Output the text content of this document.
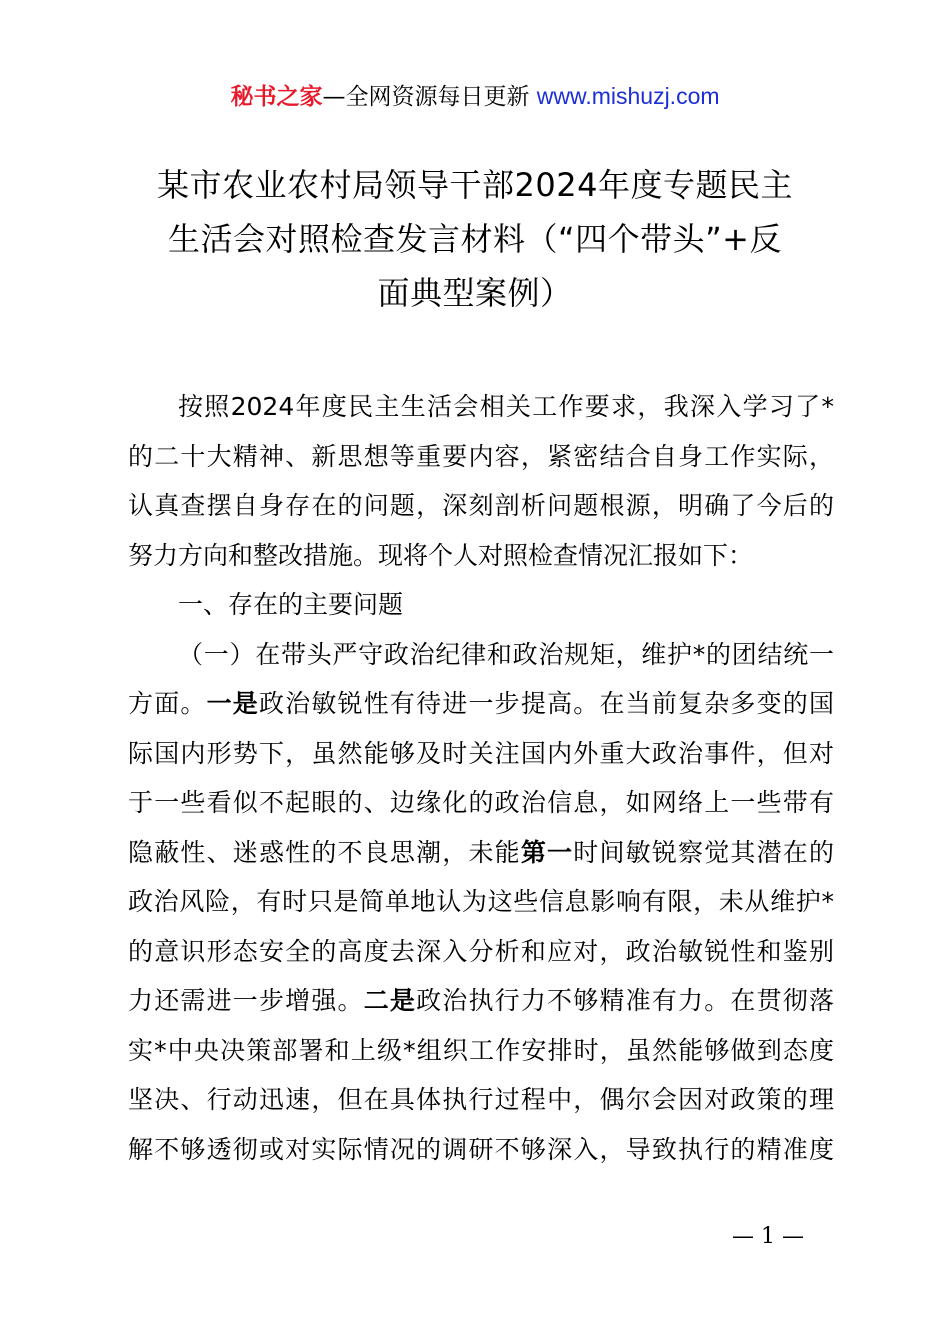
秘书之家—全网资源每日更新 www.mishuzj.com

某市农业农村局领导干部2024年度专题民主

生活会对照检查发言材料（“四个带头”+反

面典型案例）

按照2024年度民主生活会相关工作要求，我深入学习了*

的二十大精神、新思想等重要内容，紧密结合自身工作实际，

认真查摆自身存在的问题，深刻剖析问题根源，明确了今后的

努力方向和整改措施。现将个人对照检查情况汇报如下：

一、存在的主要问题

（一）在带头严守政治纪律和政治规矩，维护*的团结统一

方面。一是政治敏锐性有待进一步提高。在当前复杂多变的国

际国内形势下，虽然能够及时关注国内外重大政治事件，但对

于一些看似不起眼的、边缘化的政治信息，如网络上一些带有

隐蔽性、迷惑性的不良思潮，未能第一时间敏锐察觉其潜在的

政治风险，有时只是简单地认为这些信息影响有限，未从维护*

的意识形态安全的高度去深入分析和应对，政治敏锐性和鉴别

力还需进一步增强。二是政治执行力不够精准有力。在贯彻落

实*中央决策部署和上级*组织工作安排时，虽然能够做到态度

坚决、行动迅速，但在具体执行过程中，偶尔会因对政策的理

解不够透彻或对实际情况的调研不够深入，导致执行的精准度

— 1 —
